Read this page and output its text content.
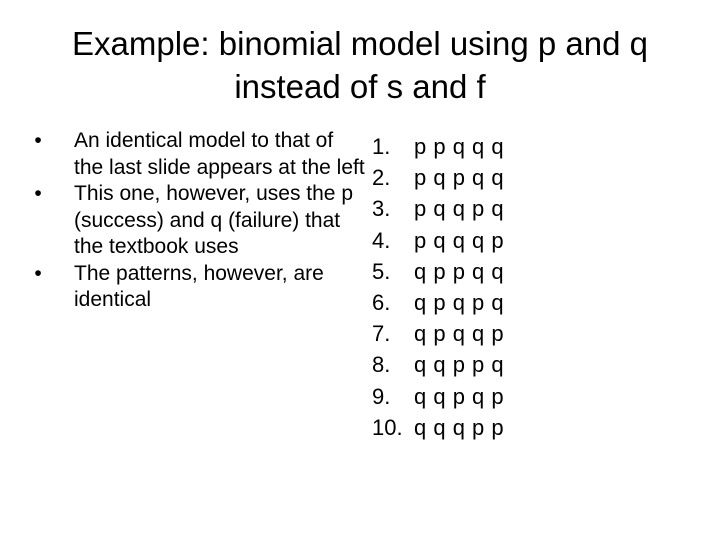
Example: binomial model using p and q instead of s and f
•	An identical model to that of the last slide appears at the left
•	This one, however, uses the p (success) and q (failure) that the textbook uses
•	The patterns, however, are identical
1.	p p q q q
2.	p q p q q
3.	p q q p q
4.	p q q q p
5.	q p p q q
6.	q p q p q
7.	q p q q p
8.	q q p p q
9.	q q p q p
10. q q q p p
